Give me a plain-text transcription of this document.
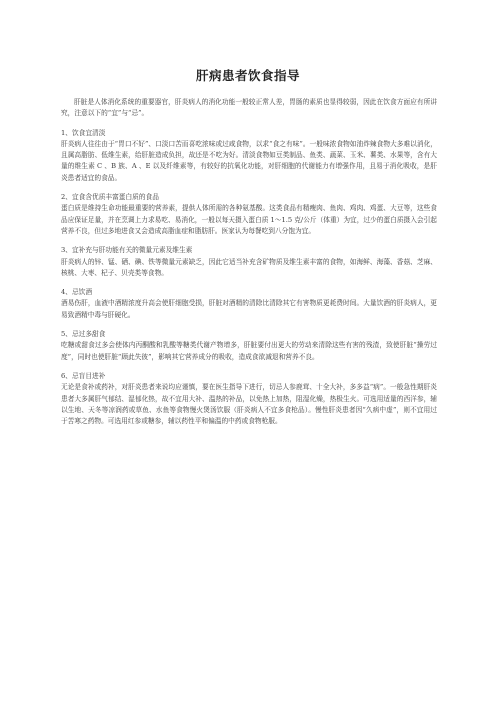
肝病患者饮食指导

肝脏是人体消化系统的重要器官，肝炎病人的消化功能一般较正常人差，胃肠的素质也显得较弱，因此在饮食方面应有所讲究，注意以下的“宜”与“忌”。

1、饮食宜清淡

肝炎病人往往由于“胃口不好”、口淡口苦而喜吃浓味或过咸食物，以求“食之有味”。一般味浓食物如油炸辣食物大多难以消化，且属高脂肪、低维生素，给肝脏造成负担，故还是不吃为好。清淡食物如豆类制品、鱼类、蔬菜、玉米、薯类、水果等，含有大量的维生素 C 、B 族、A 、E 以及纤维素等，有较好的抗氧化功能，对肝细胞的代谢能力有增强作用，且易于消化吸收，是肝炎患者适宜的食品。

2、宜食含优质丰富蛋白质的食品

蛋白质是维持生命功能最重要的营养素，提供人体所需的各种氨基酸。这类食品有精瘦肉、鱼肉、鸡肉、鸡蛋、大豆等，这些食品应保证足量，并在烹调上力求易吃、易消化，一般以每天摄入蛋白质 1～1.5 克/公斤（体重）为宜，过少的蛋白质摄入会引起营养不良，但过多地进食又会造成高脂血症和脂肪肝。医家认为每餐吃到八分饱为宜。

3、宜补充与肝功能有关的微量元素及维生素

肝炎病人的锌、锰、硒、碘、铁等微量元素缺乏，因此它适当补充含矿物质及维生素丰富的食物，如海鲜、海藻、香菇、芝麻、核桃、大枣、杞子、贝壳类等食物。

4、忌饮酒

酒易伤肝，血液中酒精浓度升高会使肝细胞受损，肝脏对酒精的清除比清除其它有害物质更耗费时间。大量饮酒的肝炎病人，更易致酒精中毒与肝硬化。

5、忌过多甜食

吃糖或甜食过多会使体内丙酮酸和乳酸等糖类代谢产物增多，肝脏要付出更大的劳动来清除这些有害的残渣，致使肝脏“操劳过度”，同时也使肝脏“顾此失彼”，影响其它营养成分的吸收，造成食欲减退和营养不良。

6、忌盲目进补

无论是食补或药补，对肝炎患者来说均应谨慎，要在医生指导下进行，切忌人参鹿茸、十全大补，多多益“病”。一般急性期肝炎患者大多属肝气郁结、湿郁化热，故不宜用大补、温热的补品，以免热上加热，阻湿化燥，热极生火。可选用适量的西洋参，辅以生地、天冬等凉润药或草鱼、水鱼等食物慢火煲汤饮服（肝炎病人不宜多食枪品）。慢性肝炎患者因“久病中虚”，则不宜用过于苦寒之药物。可选用红参或糖参，辅以药性平和偏温的中药或食物枪服。
